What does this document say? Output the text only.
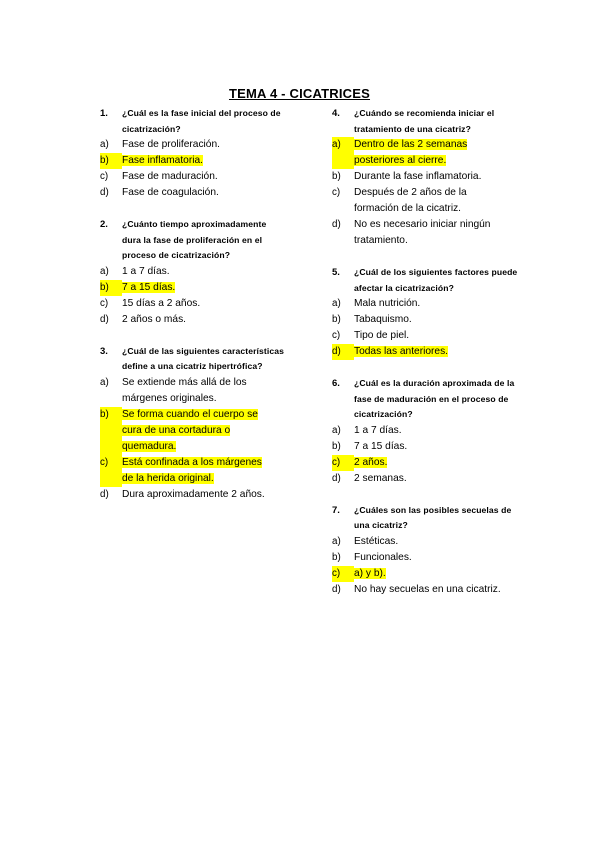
TEMA 4 - CICATRICES
1.	¿Cuál es la fase inicial del proceso de
cicatrización?
a)	Fase de proliferación.
b)	Fase inflamatoria.
c)	Fase de maduración.
d)	Fase de coagulación.
2.	¿Cuánto tiempo aproximadamente
dura la fase de proliferación en el
proceso de cicatrización?
a)	1 a 7 días.
b)	7 a 15 días.
c)	15 días a 2 años.
d)	2 años o más.
3.	¿Cuál de las siguientes características
define a una cicatriz hipertrófica?
a)	Se extiende más allá de los
márgenes originales.
b)	Se forma cuando el cuerpo se
cura de una cortadura o
quemadura.
c)	Está confinada a los márgenes
de la herida original.
d)	Dura aproximadamente 2 años.
4.	¿Cuándo se recomienda iniciar el
tratamiento de una cicatriz?
a)	Dentro de las 2 semanas
posteriores al cierre.
b)	Durante la fase inflamatoria.
c)	Después de 2 años de la
formación de la cicatriz.
d)	No es necesario iniciar ningún
tratamiento.
5.	¿Cuál de los siguientes factores puede
afectar la cicatrización?
a)	Mala nutrición.
b)	Tabaquismo.
c)	Tipo de piel.
d)	Todas las anteriores.
6.	¿Cuál es la duración aproximada de la
fase de maduración en el proceso de
cicatrización?
a)	1 a 7 días.
b)	7 a 15 días.
c)	2 años.
d)	2 semanas.
7.	¿Cuáles son las posibles secuelas de
una cicatriz?
a)	Estéticas.
b)	Funcionales.
c)	a) y b).
d)	No hay secuelas en una cicatriz.
